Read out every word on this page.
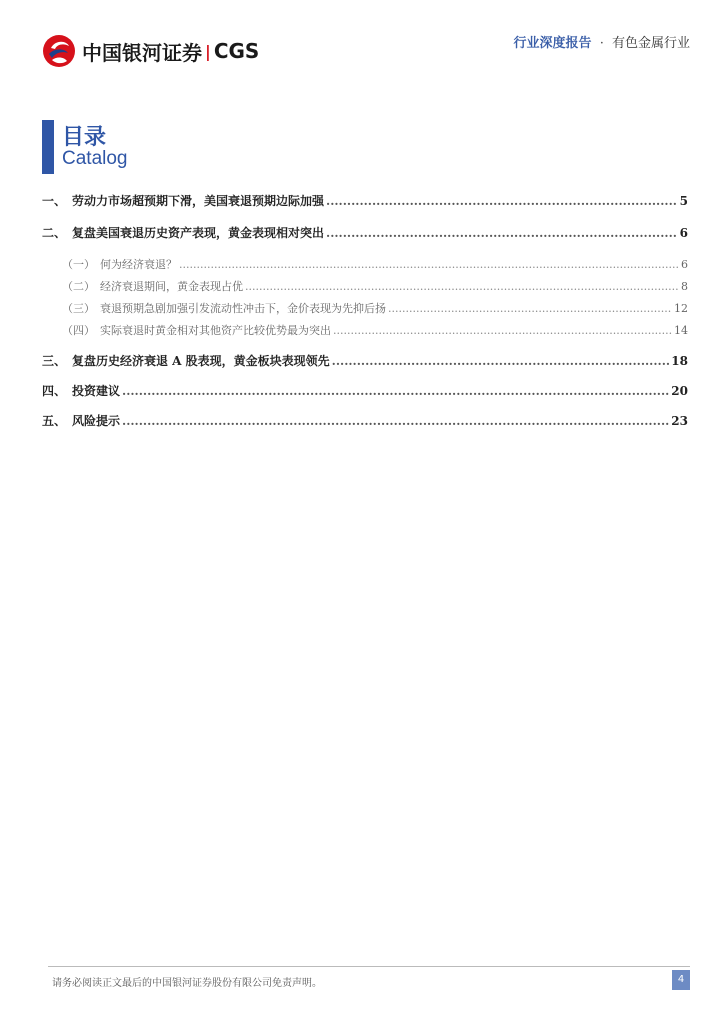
中国银河证券 | CGS	行业深度报告 · 有色金属行业
目录
Catalog
一、 劳动力市场超预期下滑，美国衰退预期边际加强 .....	5
二、 复盘美国衰退历史资产表现，黄金表现相对突出 .....	6
（一） 何为经济衰退？ .....	6
（二） 经济衰退期间，黄金表现占优 .....	8
（三） 衰退预期急剧加强引发流动性冲击下，金价表现为先抑后扬 .....	12
（四） 实际衰退时黄金相对其他资产比较优势最为突出 .....	14
三、 复盘历史经济衰退 A 股表现，黄金板块表现领先 .....	18
四、 投资建议 .....	20
五、 风险提示 .....	23
请务必阅读正文最后的中国银河证券股份有限公司免责声明。	4
